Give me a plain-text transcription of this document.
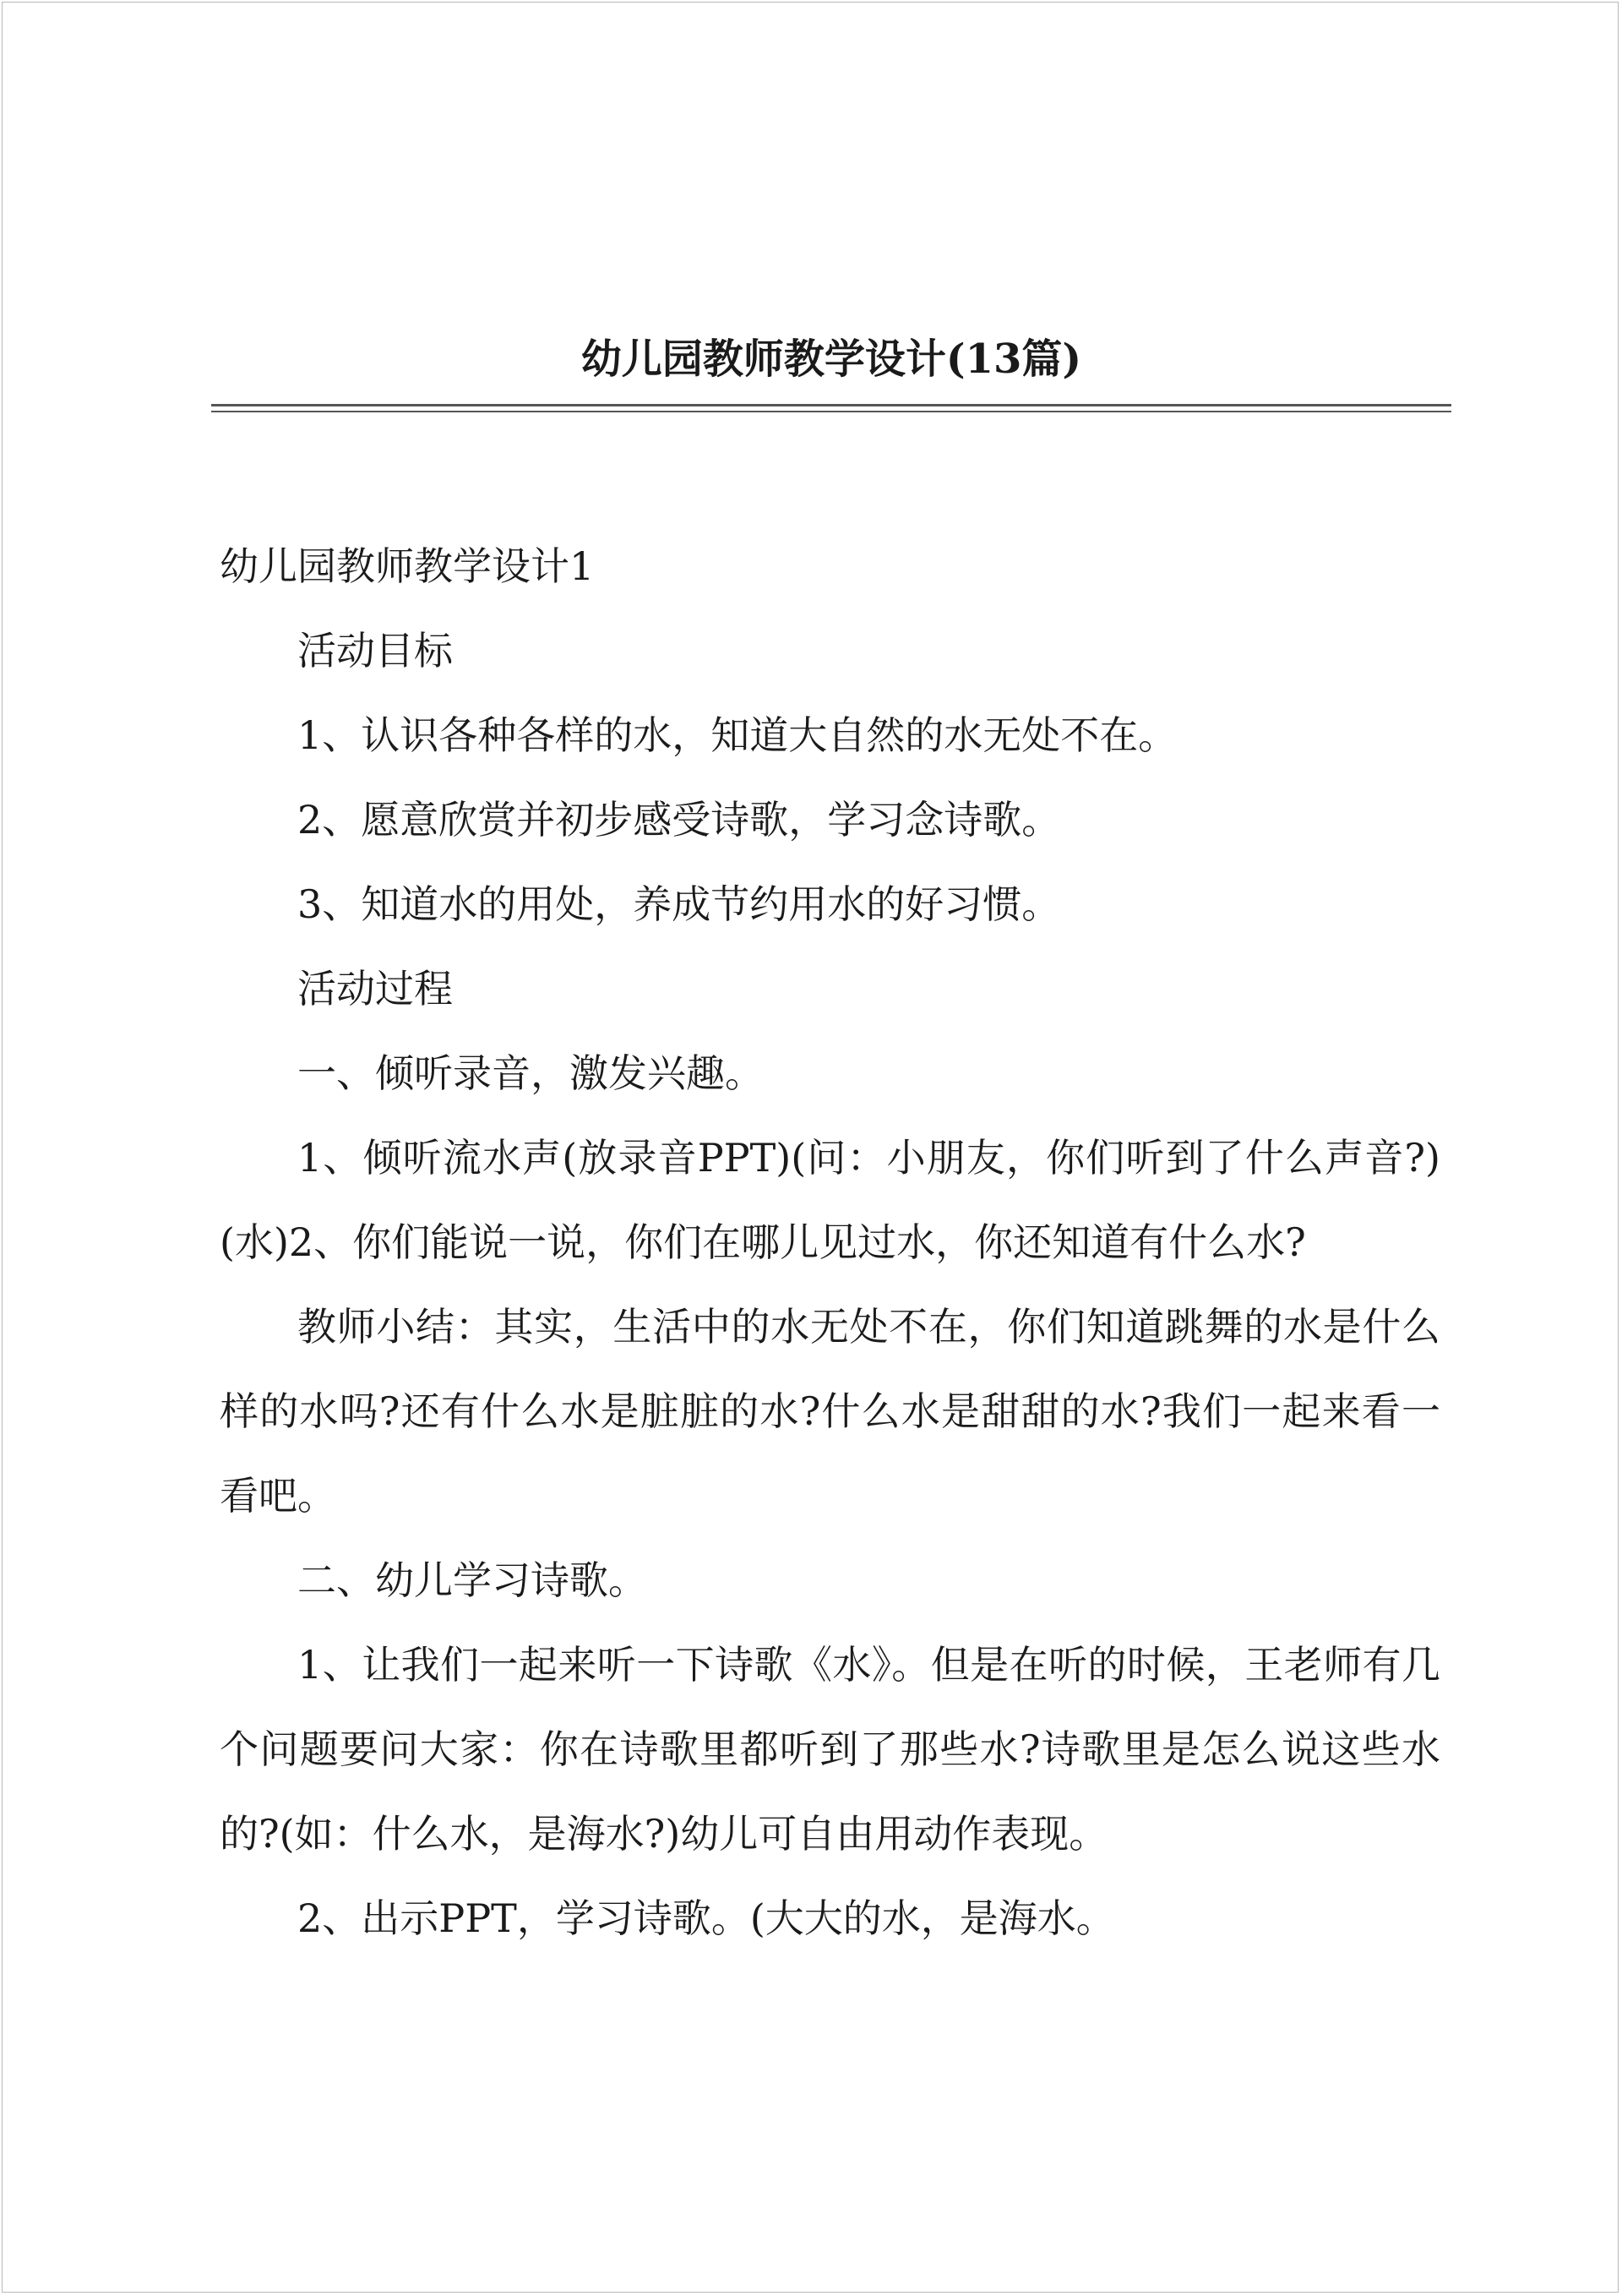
幼儿园教师教学设计(13篇)

幼儿园教师教学设计1

活动目标

1、认识各种各样的水，知道大自然的水无处不在。

2、愿意欣赏并初步感受诗歌，学习念诗歌。

3、知道水的用处，养成节约用水的好习惯。

活动过程

一、倾听录音，激发兴趣。

1、倾听流水声(放录音PPT)(问：小朋友，你们听到了什么声音?)(水)2、你们能说一说，你们在哪儿见过水，你还知道有什么水?

教师小结：其实，生活中的水无处不在，你们知道跳舞的水是什么样的水吗?还有什么水是脏脏的水?什么水是甜甜的水?我们一起来看一看吧。

二、幼儿学习诗歌。

1、让我们一起来听一下诗歌《水》。但是在听的时候，王老师有几个问题要问大家：你在诗歌里都听到了那些水?诗歌里是怎么说这些水的?(如：什么水，是海水?)幼儿可自由用动作表现。

2、出示PPT，学习诗歌。(大大的水，是海水。
